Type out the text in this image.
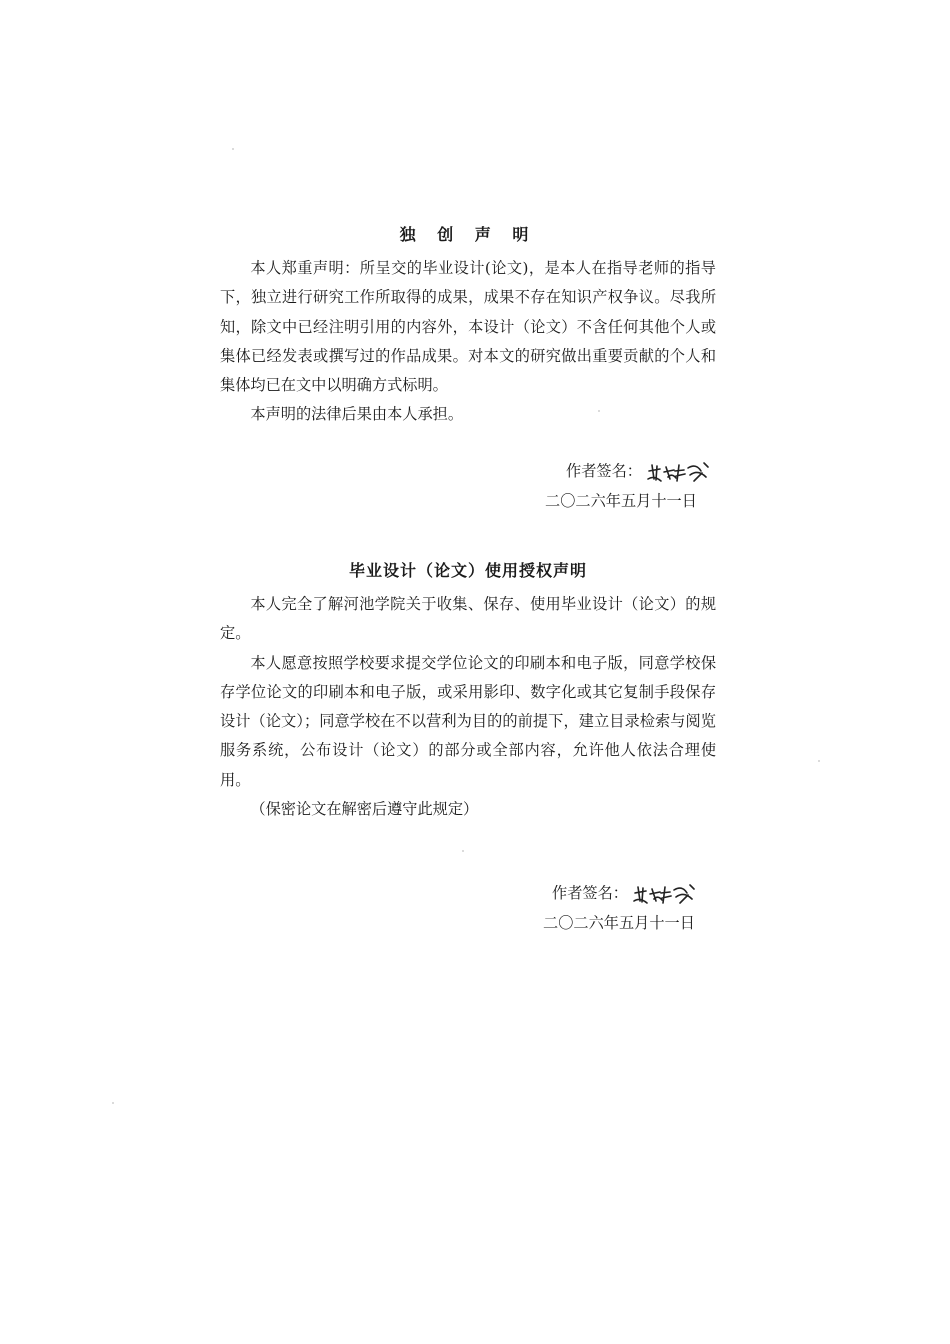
独 创 声 明

本人郑重声明：所呈交的毕业设计(论文)，是本人在指导老师的指导下，独立进行研究工作所取得的成果，成果不存在知识产权争议。尽我所知，除文中已经注明引用的内容外，本设计（论文）不含任何其他个人或集体已经发表或撰写过的作品成果。对本文的研究做出重要贡献的个人和集体均已在文中以明确方式标明。

本声明的法律后果由本人承担。

作者签名：
二〇二六年五月十一日
毕业设计（论文）使用授权声明

本人完全了解河池学院关于收集、保存、使用毕业设计（论文）的规定。

本人愿意按照学校要求提交学位论文的印刷本和电子版，同意学校保存学位论文的印刷本和电子版，或采用影印、数字化或其它复制手段保存设计（论文）；同意学校在不以营利为目的的前提下，建立目录检索与阅览服务系统，公布设计（论文）的部分或全部内容，允许他人依法合理使用。

（保密论文在解密后遵守此规定）

作者签名：
二〇二六年五月十一日
